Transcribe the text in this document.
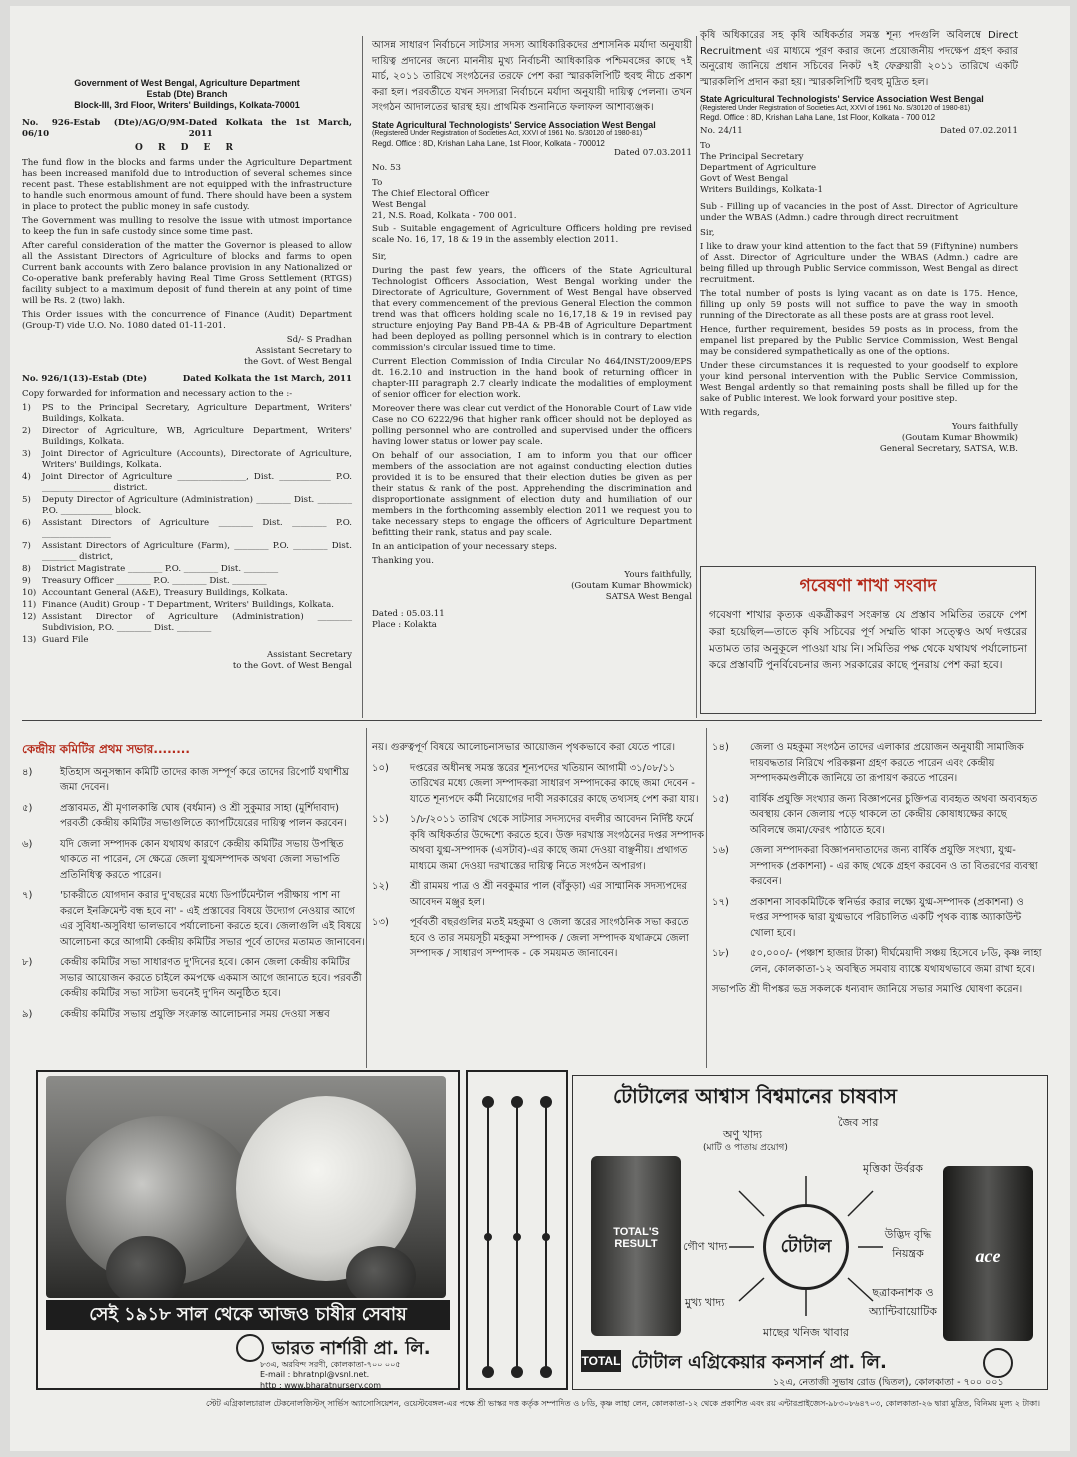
Government of West Bengal, Agriculture Department
Estab (Dte) Branch
Block-III, 3rd Floor, Writers' Buildings, Kolkata-70001
No. 926-Estab (Dte)/AG/O/9M-06/10
Dated Kolkata the 1st March, 2011
O R D E R

The fund flow in the blocks and farms under the Agriculture Department has been increased manifold due to introduction of several schemes since recent past. These establishment are not equipped with the infrastructure to handle such enormous amount of fund. There should have been a system in place to protect the public money in safe custody.

The Government was mulling to resolve the issue with utmost importance to keep the fun in safe custody since some time past.

After careful consideration of the matter the Governor is pleased to allow all the Assistant Directors of Agriculture of blocks and farms to open Current bank accounts with Zero balance provision in any Nationalized or Co-operative bank preferably having Real Time Gross Settlement (RTGS) facility subject to a maximum deposit of fund therein at any point of time will be Rs. 2 (two) lakh.

This Order issues with the concurrence of Finance (Audit) Department (Group-T) vide U.O. No. 1080 dated 01-11-201.

Sd/- S Pradhan
Assistant Secretary to
the Govt. of West Bengal
No. 926/1(13)-Estab (Dte)	Dated Kolkata the 1st March, 2011

Copy forwarded for information and necessary action to the :-

1)	PS to the Principal Secretary, Agriculture Department, Writers' Buildings, Kolkata.
2)	Director of Agriculture, WB, Agriculture Department, Writers' Buildings, Kolkata.
3)	Joint Director of Agriculture (Accounts), Directorate of Agriculture, Writers' Buildings, Kolkata.
4)	Joint Director of Agriculture ________________, Dist. ____________ P.O. ________________ district.
5)	Deputy Director of Agriculture (Administration) ________ Dist. ________ P.O. ____________ block.
6)	Assistant Directors of Agriculture ________ Dist. ________ P.O. ________________
7)	Assistant Directors of Agriculture (Farm), ________ P.O. ________ Dist. ________ district,
8)	District Magistrate ________ P.O. ________ Dist. ________
9)	Treasury Officer ________ P.O. ________ Dist. ________
10) Accountant General (A&E), Treasury Buildings, Kolkata.
11) Finance (Audit) Group - T Department, Writers' Buildings, Kolkata.
12) Assistant Director of Agriculture (Administration) ________ Subdivision, P.O. ________ Dist. ________
13) Guard File
Assistant Secretary
to the Govt. of West Bengal

আসন্ন সাধারণ নির্বাচনে সাটসার সদস্য আধিকারিকদের প্রশাসনিক মর্যাদা অনুযায়ী দায়িত্ব প্রদানের জন্যে মাননীয় মুখ্য নির্বাচনী আধিকারিক পশ্চিমবঙ্গের কাছে ৭ই মার্চ, ২০১১ তারিখে সংগঠনের তরফে পেশ করা স্মারকলিপিটি হুবহু নীচে প্রকাশ করা হল। পরবর্তীতে যখন সদস্যরা নির্বাচনে মর্যাদা অনুযায়ী দায়িত্ব পেলনা। তখন সংগঠন আদালতের দ্বারস্থ হয়। প্রাথমিক শুনানিতে ফলাফল আশাব্যঞ্জক।

State Agricultural Technologists' Service Association West Bengal
(Registered Under Registration of Societies Act, XXVI of 1961 No. S/30120 of 1980-81)
Regd. Office : 8D, Krishan Laha Lane, 1st Floor, Kolkata - 700012
Dated 07.03.2011
No. 53
To
The Chief Electoral Officer
West Bengal
21, N.S. Road, Kolkata - 700 001.

Sub - Suitable engagement of Agriculture Officers holding pre revised scale No. 16, 17, 18 & 19 in the assembly election 2011.

Sir,

During the past few years, the officers of the State Agricultural Technologist Officers Association, West Bengal working under the Directorate of Agriculture, Government of West Bengal have observed that every commencement of the previous General Election the common trend was that officers holding scale no 16,17,18 & 19 in revised pay structure enjoying Pay Band PB-4A & PB-4B of Agriculture Department had been deployed as polling personnel which is in contrary to election commission's circular issued time to time.

Current Election Commission of India Circular No 464/INST/2009/EPS dt. 16.2.10 and instruction in the hand book of returning officer in chapter-III paragraph 2.7 clearly indicate the modalities of employment of senior officer for election work.

Moreover there was clear cut verdict of the Honorable Court of Law vide Case no CO 6222/96 that higher rank officer should not be deployed as polling personnel who are controlled and supervised under the officers having lower status or lower pay scale.

On behalf of our association, I am to inform you that our officer members of the association are not against conducting election duties provided it is to be ensured that their election duties be given as per their status & rank of the post. Apprehending the discrimination and disproportionate assignment of election duty and humiliation of our members in the forthcoming assembly election 2011 we request you to take necessary steps to engage the officers of Agriculture Department befitting their rank, status and pay scale.

In an anticipation of your necessary steps.

Thanking you.

Yours faithfully,
(Goutam Kumar Bhowmick)
SATSA West Bengal
Dated : 05.03.11
Place : Kolakta

কৃষি অধিকারের সহ কৃষি অধিকর্তার সমস্ত শূন্য পদগুলি অবিলম্বে Direct Recruitment এর মাধ্যমে পূরণ করার জন্যে প্রয়োজনীয় পদক্ষেপ গ্রহণ করার অনুরোধ জানিয়ে প্রধান সচিবের নিকট ৭ই ফেব্রুয়ারী ২০১১ তারিখে একটি স্মারকলিপি প্রদান করা হয়। স্মারকলিপিটি হুবহু মুদ্রিত হল।

State Agricultural Technologists' Service Association West Bengal
(Registered Under Registration of Societies Act, XXVI of 1961 No. S/30120 of 1980-81)
Regd. Office : 8D, Krishan Laha Lane, 1st Floor, Kolkata - 700 012
No. 24/11	Dated 07.02.2011
To
The Principal Secretary
Department of Agriculture
Govt of West Bengal
Writers Buildings, Kolkata-1

Sub - Filling up of vacancies in the post of Asst. Director of Agriculture under the WBAS (Admn.) cadre through direct recruitment

Sir,

I like to draw your kind attention to the fact that 59 (Fiftynine) numbers of Asst. Director of Agriculture under the WBAS (Admn.) cadre are being filled up through Public Service commisson, West Bengal as direct recruitment.

The total number of posts is lying vacant as on date is 175. Hence, filling up only 59 posts will not suffice to pave the way in smooth running of the Directorate as all these posts are at grass root level.

Hence, further requirement, besides 59 posts as in process, from the empanel list prepared by the Public Service Commission, West Bengal may be considered sympathetically as one of the options.

Under these circumstances it is requested to your goodself to explore your kind personal intervention with the Public Service Commission, West Bengal ardently so that remaining posts shall be filled up for the sake of Public interest. We look forward your positive step.

With regards,

Yours faithfully
(Goutam Kumar Bhowmik)
General Secretary, SATSA, W.B.
গবেষণা শাখা সংবাদ

গবেষণা শাখার কৃত্যক একত্রীকরণ সংক্রান্ত যে প্রস্তাব সমিতির তরফে পেশ করা হয়েছিল—তাতে কৃষি সচিবের পূর্ণ সম্মতি থাকা সত্ত্বেও অর্থ দপ্তরের মতামত তার অনুকূলে পাওয়া যায় নি। সমিতির পক্ষ থেকে যথাযথ পর্যালোচনা করে প্রস্তাবটি পুনর্বিবেচনার জন্য সরকারের কাছে পুনরায় পেশ করা হবে।

কেন্দ্রীয় কমিটির প্রথম সভার........
৪)	ইতিহাস অনুসন্ধান কমিটি তাদের কাজ সম্পূর্ণ করে তাদের রিপোর্ট যথাশীঘ্র জমা দেবেন।
৫)	প্রস্তাবমত, শ্রী মৃণালকান্তি ঘোষ (বর্ধমান) ও শ্রী সুকুমার সাহা (মুর্শিদাবাদ) পরবর্তী কেন্দ্রীয় কমিটির সভাগুলিতে ক্যাপটিয়েরের দায়িত্ব পালন করবেন।
৬)	যদি জেলা সম্পাদক কোন যথাযথ কারণে কেন্দ্রীয় কমিটির সভায় উপস্থিত থাকতে না পারেন, সে ক্ষেত্রে জেলা যুগ্মসম্পাদক অথবা জেলা সভাপতি প্রতিনিধিত্ব করতে পারেন।
৭)	'চাকরীতে যোগদান করার দু'বছরের মধ্যে ডিপার্টমেন্টাল পরীক্ষায় পাশ না করলে ইনক্রিমেন্ট বন্ধ হবে না' - এই প্রস্তাবের বিষয়ে উদ্যোগ নেওয়ার আগে এর সুবিধা-অসুবিধা ভালভাবে পর্যালোচনা করতে হবে। জেলাগুলি এই বিষয়ে আলোচনা করে আগামী কেন্দ্রীয় কমিটির সভার পূর্বে তাদের মতামত জানাবেন।
৮)	কেন্দ্রীয় কমিটির সভা সাধারণত দু'দিনের হবে। কোন জেলা কেন্দ্রীয় কমিটির সভার আয়োজন করতে চাইলে কমপক্ষে একমাস আগে জানাতে হবে। পরবর্তী কেন্দ্রীয় কমিটির সভা সাটসা ভবনেই দু'দিন অনুষ্ঠিত হবে।
৯)	কেন্দ্রীয় কমিটির সভায় প্রযুক্তি সংক্রান্ত আলোচনার সময় দেওয়া সম্ভব

নয়। গুরুত্বপূর্ণ বিষয়ে আলোচনাসভার আয়োজন পৃথকভাবে করা যেতে পারে।

১০)	দপ্তরের অধীনস্থ সমস্ত স্তরের শূন্যপদের খতিয়ান আগামী ৩১/০৮/১১ তারিখের মধ্যে জেলা সম্পাদকরা সাধারণ সম্পাদকের কাছে জমা দেবেন - যাতে শূন্যপদে কর্মী নিয়োগের দাবী সরকারের কাছে তথ্যসহ পেশ করা যায়।
১১)	১/৮/২০১১ তারিখ থেকে সাটসার সদস্যদের বদলীর আবেদন নির্দিষ্ট ফর্মে কৃষি অধিকর্তার উদ্দেশ্যে করতে হবে। উক্ত দরখাস্ত সংগঠনের দপ্তর সম্পাদক অথবা যুগ্ম-সম্পাদক (এসটাব)-এর কাছে জমা দেওয়া বাঞ্ছনীয়। প্রথাগত মাধ্যমে জমা দেওয়া দরখাস্তের দায়িত্ব নিতে সংগঠন অপারগ।
১২)	শ্রী রামময় পাত্র ও শ্রী নবকুমার পাল (বাঁকুড়া) এর সাম্মানিক সদস্যপদের আবেদন মঞ্জুর হল।
১৩)	পূর্ববর্তী বছরগুলির মতই মহকুমা ও জেলা স্তরের সাংগঠনিক সভা করতে হবে ও তার সময়সূচী মহকুমা সম্পাদক / জেলা সম্পাদক যথাক্রমে জেলা সম্পাদক / সাধারণ সম্পাদক - কে সময়মত জানাবেন।
১৪)	জেলা ও মহকুমা সংগঠন তাদের এলাকার প্রয়োজন অনুযায়ী সামাজিক দায়বদ্ধতার নিরিখে পরিকল্পনা গ্রহণ করতে পারেন এবং কেন্দ্রীয় সম্পাদকমণ্ডলীকে জানিয়ে তা রূপায়ণ করতে পারেন।
১৫)	বার্ষিক প্রযুক্তি সংখ্যার জন্য বিজ্ঞাপনের চুক্তিপত্র ব্যবহৃত অথবা অব্যবহৃত অবস্থায় কোন জেলায় পড়ে থাকলে তা কেন্দ্রীয় কোষাধ্যক্ষের কাছে অবিলম্বে জমা/ফেরৎ পাঠাতে হবে।
১৬)	জেলা সম্পাদকরা বিজ্ঞাপনদাতাদের জন্য বার্ষিক প্রযুক্তি সংখ্যা, যুগ্ম-সম্পাদক (প্রকাশনা) - এর কাছ থেকে গ্রহণ করবেন ও তা বিতরণের ব্যবস্থা করবেন।
১৭)	প্রকাশনা সাবকমিটিকে স্বনির্ভর করার লক্ষ্যে যুগ্ম-সম্পাদক (প্রকাশনা) ও দপ্তর সম্পাদক দ্বারা যুগ্মভাবে পরিচালিত একটি পৃথক ব্যাঙ্ক অ্যাকাউন্ট খোলা হবে।
১৮)	৫০,০০০/- (পঞ্চাশ হাজার টাকা) দীর্ঘমেয়াদী সঞ্চয় হিসেবে ৮ডি, কৃষ্ণ লাহা লেন, কোলকাতা-১২ অবস্থিত সমবায় ব্যাঙ্কে যথাযথভাবে জমা রাখা হবে।

সভাপতি শ্রী দীপঙ্কর ভদ্র সকলকে ধন্যবাদ জানিয়ে সভার সমাপ্তি ঘোষণা করেন।

সেই ১৯১৮ সাল থেকে আজও চাষীর সেবায়
ভারত নার্শারী প্রা. লি.
৮৩এ, অরবিন্দ সরণী, কোলকাতা-৭০০ ০০৫
E-mail : bhratnpl@vsnl.net.
http : www.bharatnursery.com
টোটালের আশ্বাস বিশ্বমানের চাষবাস
TOTAL'S RESULT
ace
টোটাল
অণু খাদ্য
(মাটি ও পাতায় প্রয়োগ)
জৈব সার
মৃত্তিকা উর্বরক
গৌণ খাদ্য
উদ্ভিদ বৃদ্ধি নিয়ন্ত্রক
মুখ্য খাদ্য
ছত্রাকনাশক ও অ্যান্টিবায়োটিক
মাছের খনিজ খাবার
TOTAL টোটাল এগ্রিকেয়ার কনসার্ন প্রা. লি.
১২এ, নেতাজী সুভাষ রোড (দ্বিতল), কোলকাতা - ৭০০ ০০১
স্টেট এগ্রিকালচারাল টেকনোলজিস্টস্ সার্ভিস অ্যাসোসিয়েশন, ওয়েস্টবেঙ্গল-এর পক্ষে শ্রী ভাস্কর দত্ত কর্তৃক সম্পাদিত ও ৮ডি, কৃষ্ণ লাহা লেন, কোলকাতা-১২ থেকে প্রকাশিত এবং রয় এন্টারপ্রাইজেস-৯৮৩০৮৬৪৭০৩, কোলকাতা-২৬ দ্বারা মুদ্রিত, বিনিময় মূল্য ২ টাকা।
